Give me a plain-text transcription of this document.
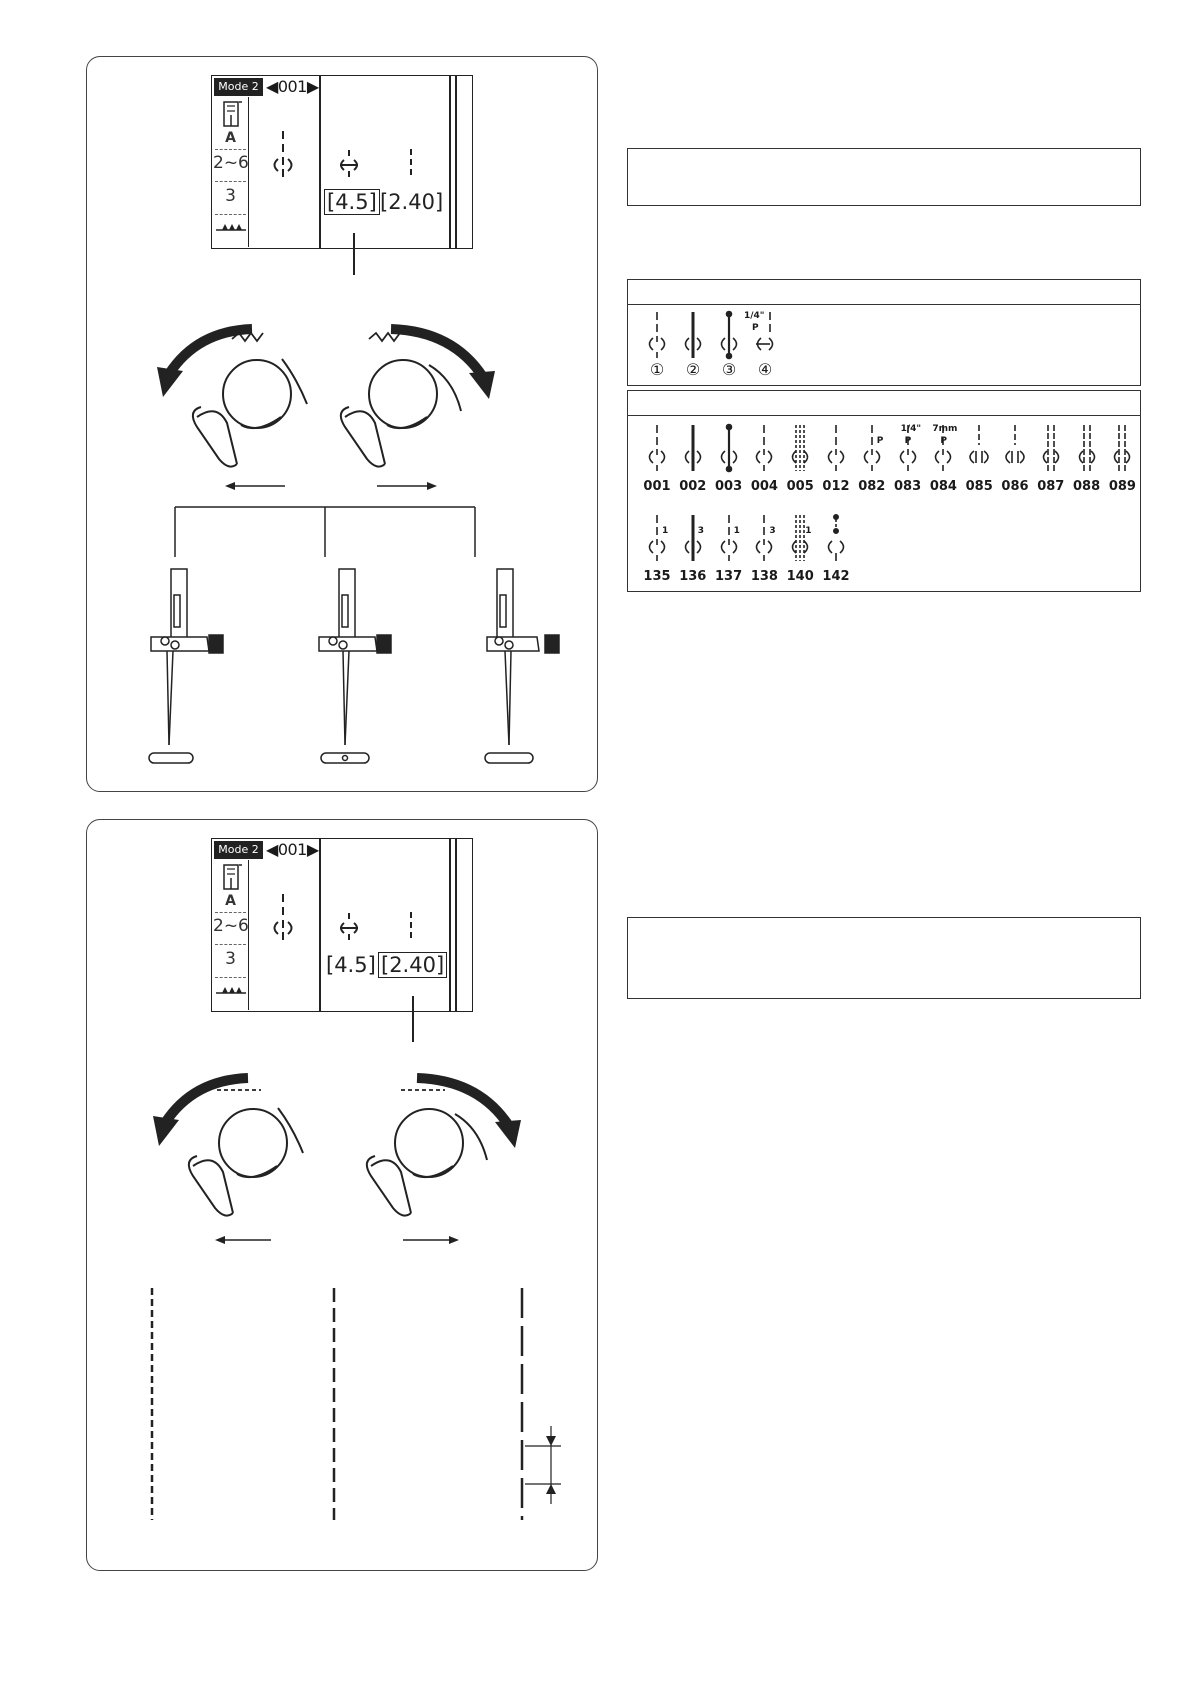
Mode 2 ◀001▶
A
2~6
3	[4.5] [2.40]
Mode 2 ◀001▶
A
2~6
3	[4.5] [2.40]
1/4"
P
①	②	③	④
001 002 003 004 005 012 082 083 084 085 086 087 088 089
135 136 137 138 140 142
P
1/4"
P
7mm
P
1	3	1	3	1
